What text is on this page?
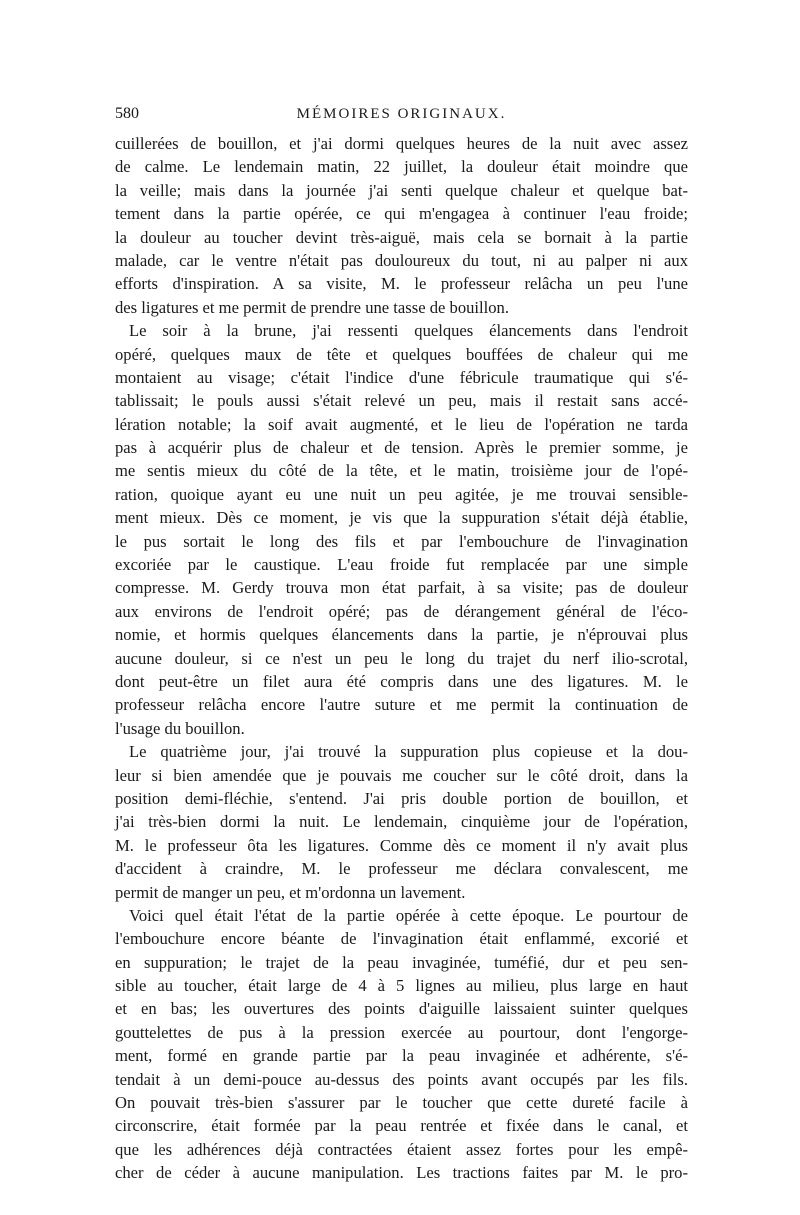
580	MÉMOIRES ORIGINAUX.
cuillerées de bouillon, et j'ai dormi quelques heures de la nuit avec assez
de calme. Le lendemain matin, 22 juillet, la douleur était moindre que
la veille; mais dans la journée j'ai senti quelque chaleur et quelque bat-
tement dans la partie opérée, ce qui m'engagea à continuer l'eau froide;
la douleur au toucher devint très-aiguë, mais cela se bornait à la partie
malade, car le ventre n'était pas douloureux du tout, ni au palper ni aux
efforts d'inspiration. A sa visite, M. le professeur relâcha un peu l'une
des ligatures et me permit de prendre une tasse de bouillon.
Le soir à la brune, j'ai ressenti quelques élancements dans l'endroit
opéré, quelques maux de tête et quelques bouffées de chaleur qui me
montaient au visage; c'était l'indice d'une fébricule traumatique qui s'é-
tablissait; le pouls aussi s'était relevé un peu, mais il restait sans accé-
lération notable; la soif avait augmenté, et le lieu de l'opération ne tarda
pas à acquérir plus de chaleur et de tension. Après le premier somme, je
me sentis mieux du côté de la tête, et le matin, troisième jour de l'opé-
ration, quoique ayant eu une nuit un peu agitée, je me trouvai sensible-
ment mieux. Dès ce moment, je vis que la suppuration s'était déjà établie,
le pus sortait le long des fils et par l'embouchure de l'invagination
excoriée par le caustique. L'eau froide fut remplacée par une simple
compresse. M. Gerdy trouva mon état parfait, à sa visite; pas de douleur
aux environs de l'endroit opéré; pas de dérangement général de l'éco-
nomie, et hormis quelques élancements dans la partie, je n'éprouvai plus
aucune douleur, si ce n'est un peu le long du trajet du nerf ilio-scrotal,
dont peut-être un filet aura été compris dans une des ligatures. M. le
professeur relâcha encore l'autre suture et me permit la continuation de
l'usage du bouillon.
Le quatrième jour, j'ai trouvé la suppuration plus copieuse et la dou-
leur si bien amendée que je pouvais me coucher sur le côté droit, dans la
position demi-fléchie, s'entend. J'ai pris double portion de bouillon, et
j'ai très-bien dormi la nuit. Le lendemain, cinquième jour de l'opération,
M. le professeur ôta les ligatures. Comme dès ce moment il n'y avait plus
d'accident à craindre, M. le professeur me déclara convalescent, me
permit de manger un peu, et m'ordonna un lavement.
Voici quel était l'état de la partie opérée à cette époque. Le pourtour de
l'embouchure encore béante de l'invagination était enflammé, excorié et
en suppuration; le trajet de la peau invaginée, tuméfié, dur et peu sen-
sible au toucher, était large de 4 à 5 lignes au milieu, plus large en haut
et en bas; les ouvertures des points d'aiguille laissaient suinter quelques
gouttelettes de pus à la pression exercée au pourtour, dont l'engorge-
ment, formé en grande partie par la peau invaginée et adhérente, s'é-
tendait à un demi-pouce au-dessus des points avant occupés par les fils.
On pouvait très-bien s'assurer par le toucher que cette dureté facile à
circonscrire, était formée par la peau rentrée et fixée dans le canal, et
que les adhérences déjà contractées étaient assez fortes pour les empê-
cher de céder à aucune manipulation. Les tractions faites par M. le pro-
